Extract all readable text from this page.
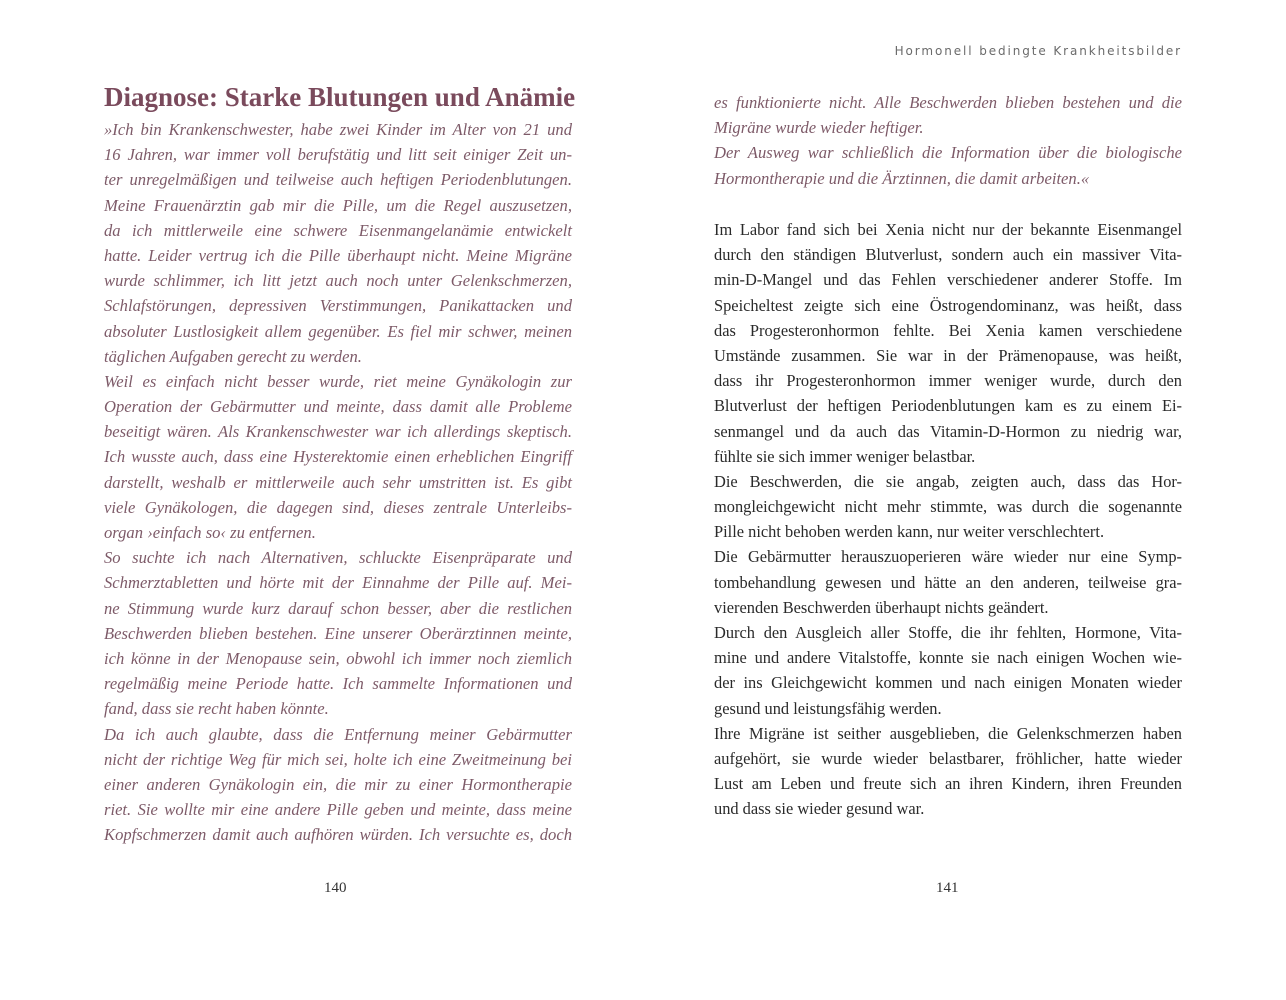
Diagnose: Starke Blutungen und Anämie
»Ich bin Krankenschwester, habe zwei Kinder im Alter von 21 und
16 Jahren, war immer voll berufstätig und litt seit einiger Zeit un-
ter unregelmäßigen und teilweise auch heftigen Periodenblutungen.
Meine Frauenärztin gab mir die Pille, um die Regel auszusetzen,
da ich mittlerweile eine schwere Eisenmangelanämie entwickelt
hatte. Leider vertrug ich die Pille überhaupt nicht. Meine Migräne
wurde schlimmer, ich litt jetzt auch noch unter Gelenkschmerzen,
Schlafstörungen, depressiven Verstimmungen, Panikattacken und
absoluter Lustlosigkeit allem gegenüber. Es fiel mir schwer, meinen
täglichen Aufgaben gerecht zu werden.
Weil es einfach nicht besser wurde, riet meine Gynäkologin zur
Operation der Gebärmutter und meinte, dass damit alle Probleme
beseitigt wären. Als Krankenschwester war ich allerdings skeptisch.
Ich wusste auch, dass eine Hysterektomie einen erheblichen Eingriff
darstellt, weshalb er mittlerweile auch sehr umstritten ist. Es gibt
viele Gynäkologen, die dagegen sind, dieses zentrale Unterleibs-
organ ›einfach so‹ zu entfernen.
So suchte ich nach Alternativen, schluckte Eisenpräparate und
Schmerztabletten und hörte mit der Einnahme der Pille auf. Mei-
ne Stimmung wurde kurz darauf schon besser, aber die restlichen
Beschwerden blieben bestehen. Eine unserer Oberärztinnen meinte,
ich könne in der Menopause sein, obwohl ich immer noch ziemlich
regelmäßig meine Periode hatte. Ich sammelte Informationen und
fand, dass sie recht haben könnte.
Da ich auch glaubte, dass die Entfernung meiner Gebärmutter
nicht der richtige Weg für mich sei, holte ich eine Zweitmeinung bei
einer anderen Gynäkologin ein, die mir zu einer Hormontherapie
riet. Sie wollte mir eine andere Pille geben und meinte, dass meine
Kopfschmerzen damit auch aufhören würden. Ich versuchte es, doch
140
Hormonell bedingte Krankheitsbilder
es funktionierte nicht. Alle Beschwerden blieben bestehen und die
Migräne wurde wieder heftiger.
Der Ausweg war schließlich die Information über die biologische
Hormontherapie und die Ärztinnen, die damit arbeiten.«
Im Labor fand sich bei Xenia nicht nur der bekannte Eisenmangel
durch den ständigen Blutverlust, sondern auch ein massiver Vita-
min-D-Mangel und das Fehlen verschiedener anderer Stoffe. Im
Speicheltest zeigte sich eine Östrogendominanz, was heißt, dass
das Progesteronhormon fehlte. Bei Xenia kamen verschiedene
Umstände zusammen. Sie war in der Prämenopause, was heißt,
dass ihr Progesteronhormon immer weniger wurde, durch den
Blutverlust der heftigen Periodenblutungen kam es zu einem Ei-
senmangel und da auch das Vitamin-D-Hormon zu niedrig war,
fühlte sie sich immer weniger belastbar.
Die Beschwerden, die sie angab, zeigten auch, dass das Hor-
mongleichgewicht nicht mehr stimmte, was durch die sogenannte
Pille nicht behoben werden kann, nur weiter verschlechtert.
Die Gebärmutter herauszuoperieren wäre wieder nur eine Symp-
tombehandlung gewesen und hätte an den anderen, teilweise gra-
vierenden Beschwerden überhaupt nichts geändert.
Durch den Ausgleich aller Stoffe, die ihr fehlten, Hormone, Vita-
mine und andere Vitalstoffe, konnte sie nach einigen Wochen wie-
der ins Gleichgewicht kommen und nach einigen Monaten wieder
gesund und leistungsfähig werden.
Ihre Migräne ist seither ausgeblieben, die Gelenkschmerzen haben
aufgehört, sie wurde wieder belastbarer, fröhlicher, hatte wieder
Lust am Leben und freute sich an ihren Kindern, ihren Freunden
und dass sie wieder gesund war.
141
